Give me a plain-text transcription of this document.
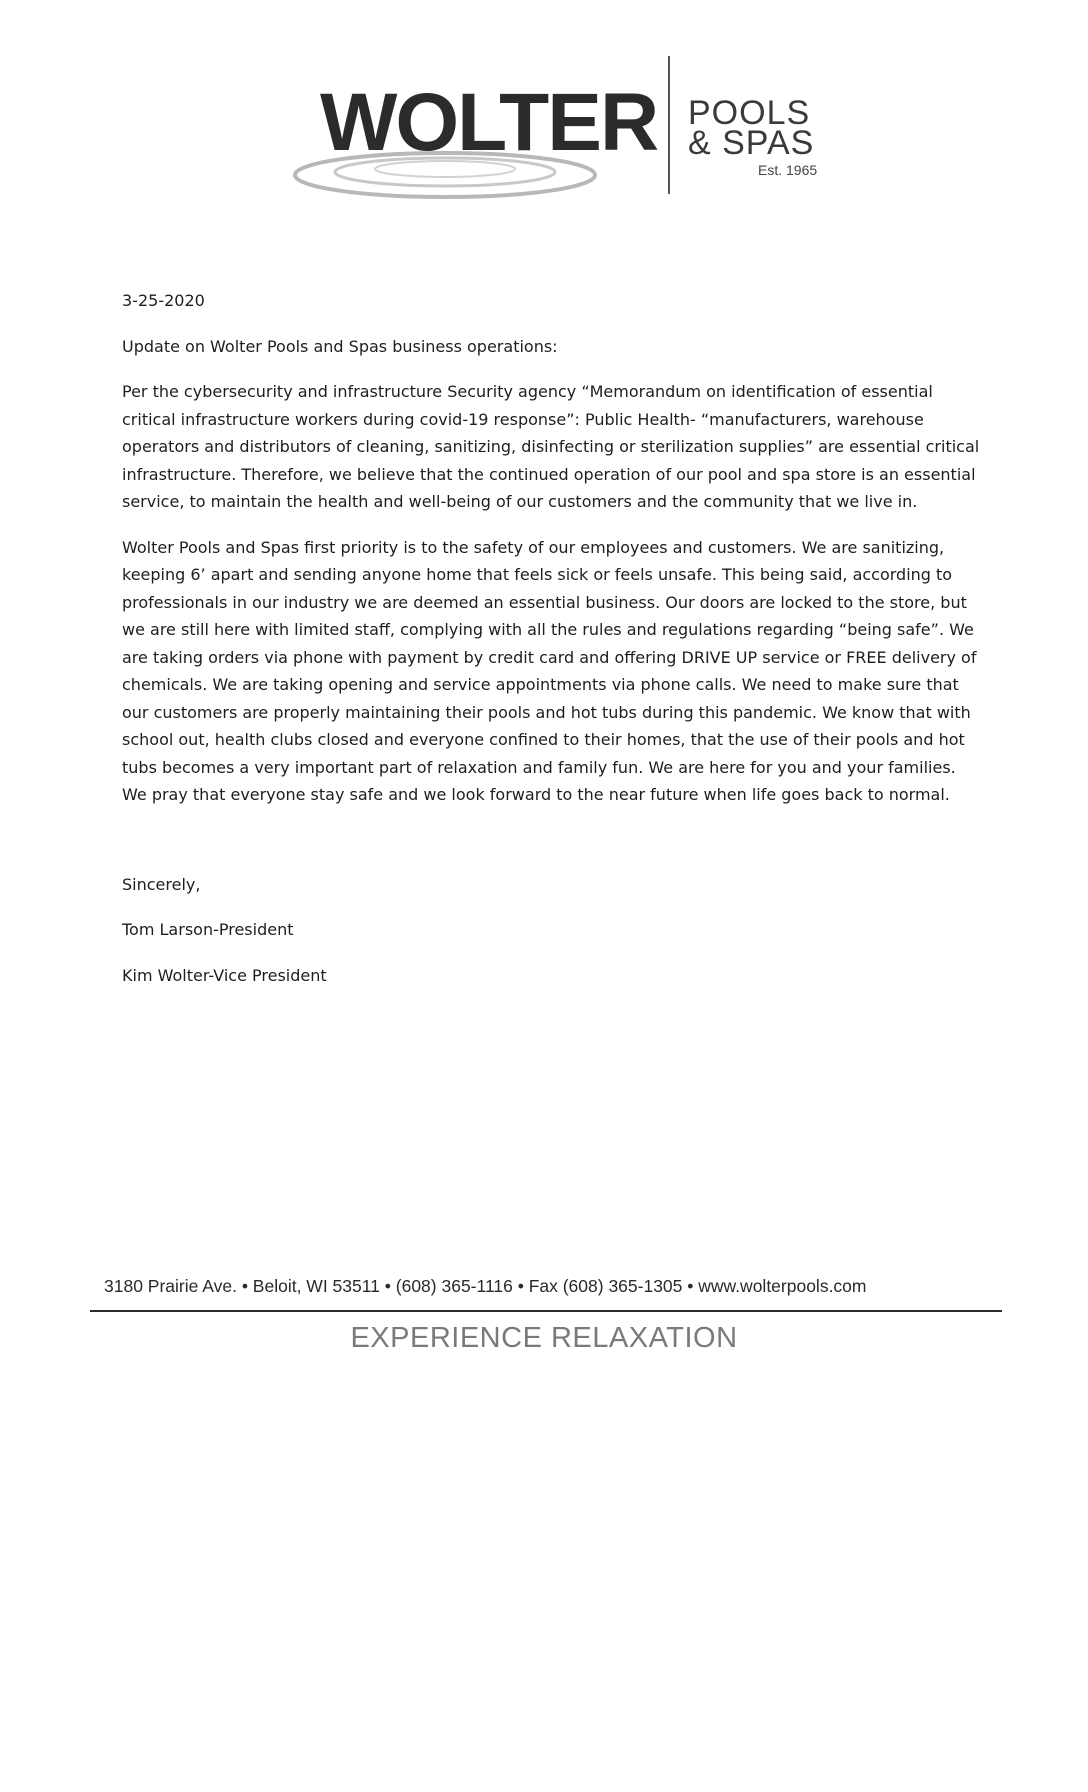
WOLTER POOLS
& SPAS
Est. 1965

3-25-2020

Update on Wolter Pools and Spas business operations:

Per the cybersecurity and infrastructure Security agency “Memorandum on identification of essential critical infrastructure workers during covid-19 response”: Public Health- “manufacturers, warehouse operators and distributors of cleaning, sanitizing, disinfecting or sterilization supplies” are essential critical infrastructure. Therefore, we believe that the continued operation of our pool and spa store is an essential service, to maintain the health and well-being of our customers and the community that we live in.

Wolter Pools and Spas first priority is to the safety of our employees and customers. We are sanitizing, keeping 6’ apart and sending anyone home that feels sick or feels unsafe. This being said, according to professionals in our industry we are deemed an essential business. Our doors are locked to the store, but we are still here with limited staff, complying with all the rules and regulations regarding “being safe”. We are taking orders via phone with payment by credit card and offering DRIVE UP service or FREE delivery of chemicals. We are taking opening and service appointments via phone calls. We need to make sure that our customers are properly maintaining their pools and hot tubs during this pandemic. We know that with school out, health clubs closed and everyone confined to their homes, that the use of their pools and hot tubs becomes a very important part of relaxation and family fun. We are here for you and your families. We pray that everyone stay safe and we look forward to the near future when life goes back to normal.

Sincerely,

Tom Larson-President

Kim Wolter-Vice President

3180 Prairie Ave. • Beloit, WI 53511 • (608) 365-1116 • Fax (608) 365-1305 • www.wolterpools.com
EXPERIENCE RELAXATION
